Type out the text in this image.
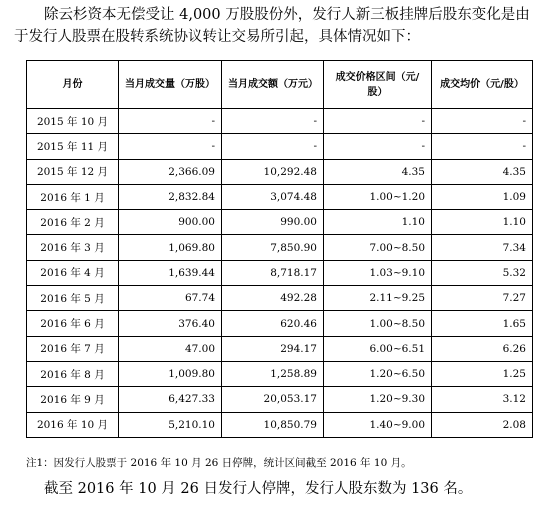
除云杉资本无偿受让 4,000 万股股份外，发行人新三板挂牌后股东变化是由于发行人股票在股转系统协议转让交易所引起，具体情况如下：

月份	当月成交量（万股）	当月成交额（万元）	成交价格区间（元/股）	成交均价（元/股）
2015 年 10 月	-	-	-	-
2015 年 11 月	-	-	-	-
2015 年 12 月	2,366.09	10,292.48	4.35	4.35
2016 年 1 月	2,832.84	3,074.48	1.00~1.20	1.09
2016 年 2 月	900.00	990.00	1.10	1.10
2016 年 3 月	1,069.80	7,850.90	7.00~8.50	7.34
2016 年 4 月	1,639.44	8,718.17	1.03~9.10	5.32
2016 年 5 月	67.74	492.28	2.11~9.25	7.27
2016 年 6 月	376.40	620.46	1.00~8.50	1.65
2016 年 7 月	47.00	294.17	6.00~6.51	6.26
2016 年 8 月	1,009.80	1,258.89	1.20~6.50	1.25
2016 年 9 月	6,427.33	20,053.17	1.20~9.30	3.12
2016 年 10 月	5,210.10	10,850.79	1.40~9.00	2.08

注1：因发行人股票于 2016 年 10 月 26 日停牌，统计区间截至 2016 年 10 月。

截至 2016 年 10 月 26 日发行人停牌，发行人股东数为 136 名。
